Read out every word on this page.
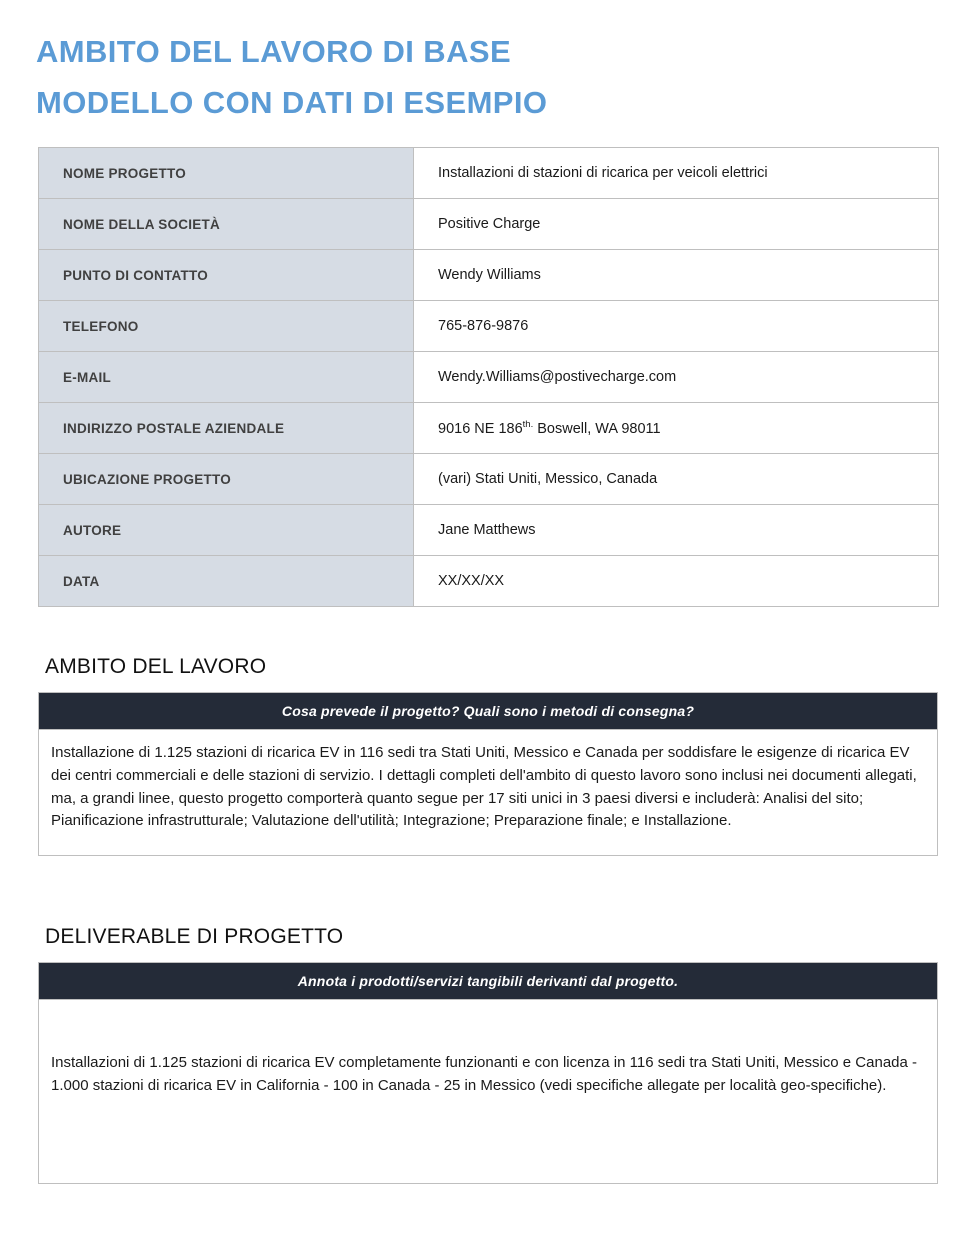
AMBITO DEL LAVORO DI BASE
MODELLO CON DATI DI ESEMPIO
NOME PROGETTO	Installazioni di stazioni di ricarica per veicoli elettrici
NOME DELLA SOCIETÀ	Positive Charge
PUNTO DI CONTATTO	Wendy Williams
TELEFONO	765-876-9876
E-MAIL	Wendy.Williams@postivecharge.com
INDIRIZZO POSTALE AZIENDALE	9016 NE $186^{th.}$ Boswell, WA 98011
UBICAZIONE PROGETTO	(vari) Stati Uniti, Messico, Canada
AUTORE	Jane Matthews
DATA	XX/XX/XX
AMBITO DEL LAVORO
Cosa prevede il progetto? Quali sono i metodi di consegna?
Installazione di 1.125 stazioni di ricarica EV in 116 sedi tra Stati Uniti, Messico e Canada per soddisfare le esigenze di ricarica EV dei centri commerciali e delle stazioni di servizio. I dettagli completi dell'ambito di questo lavoro sono inclusi nei documenti allegati, ma, a grandi linee, questo progetto comporterà quanto segue per 17 siti unici in 3 paesi diversi e includerà: Analisi del sito; Pianificazione infrastrutturale; Valutazione dell'utilità; Integrazione; Preparazione finale; e Installazione.
DELIVERABLE DI PROGETTO
Annota i prodotti/servizi tangibili derivanti dal progetto.
Installazioni di 1.125 stazioni di ricarica EV completamente funzionanti e con licenza in 116 sedi tra Stati Uniti, Messico e Canada - 1.000 stazioni di ricarica EV in California - 100 in Canada - 25 in Messico (vedi specifiche allegate per località geo-specifiche).
